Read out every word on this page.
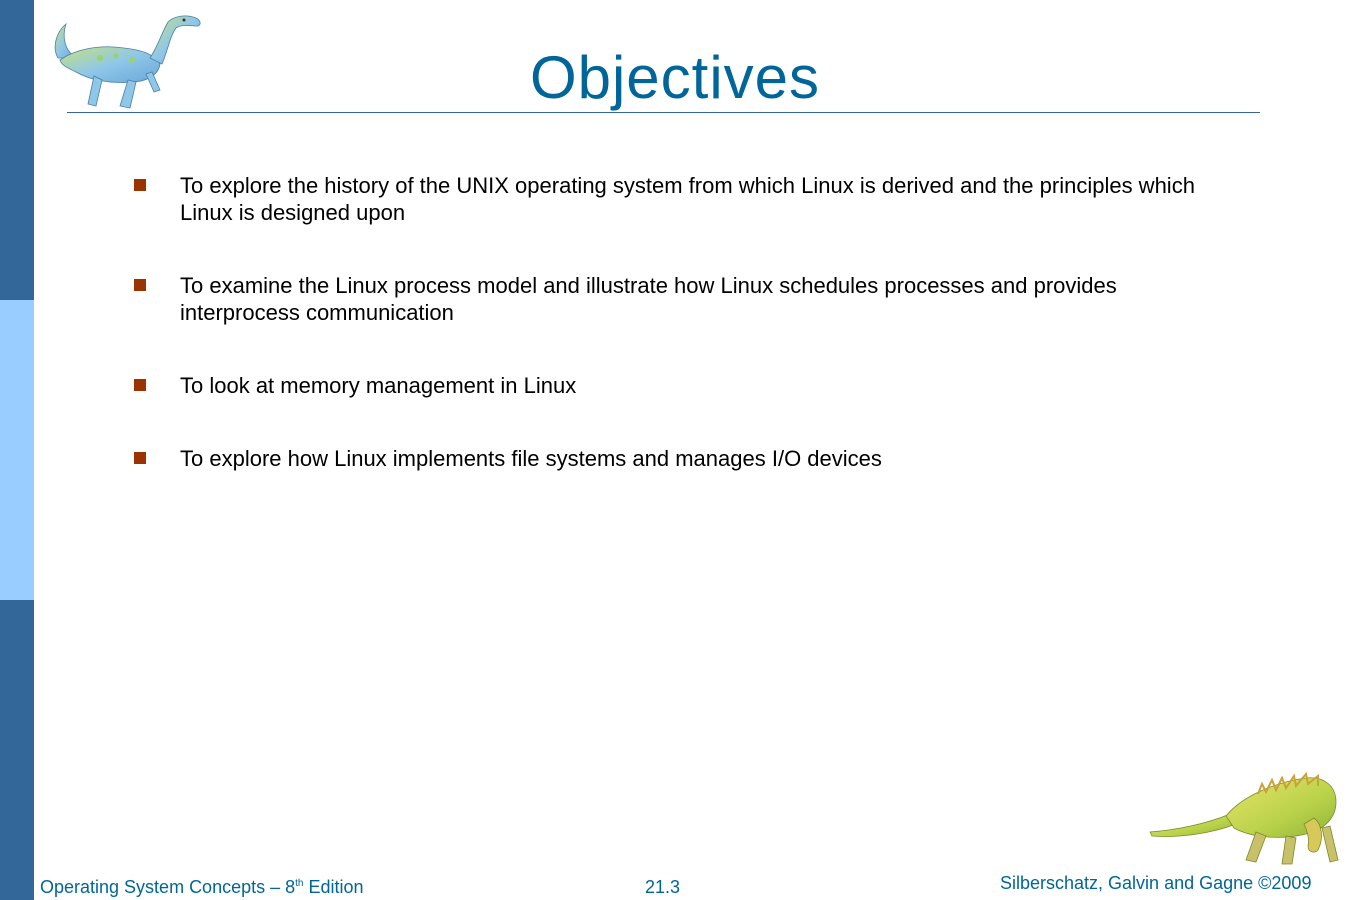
Objectives
To explore the history of the UNIX operating system from which Linux is derived and the principles which Linux is designed upon
To examine the Linux process model and illustrate how Linux schedules processes and provides interprocess communication
To look at memory management in Linux
To explore how Linux implements file systems and manages I/O devices
Operating System Concepts – 8th Edition	21.3	Silberschatz, Galvin and Gagne ©2009
